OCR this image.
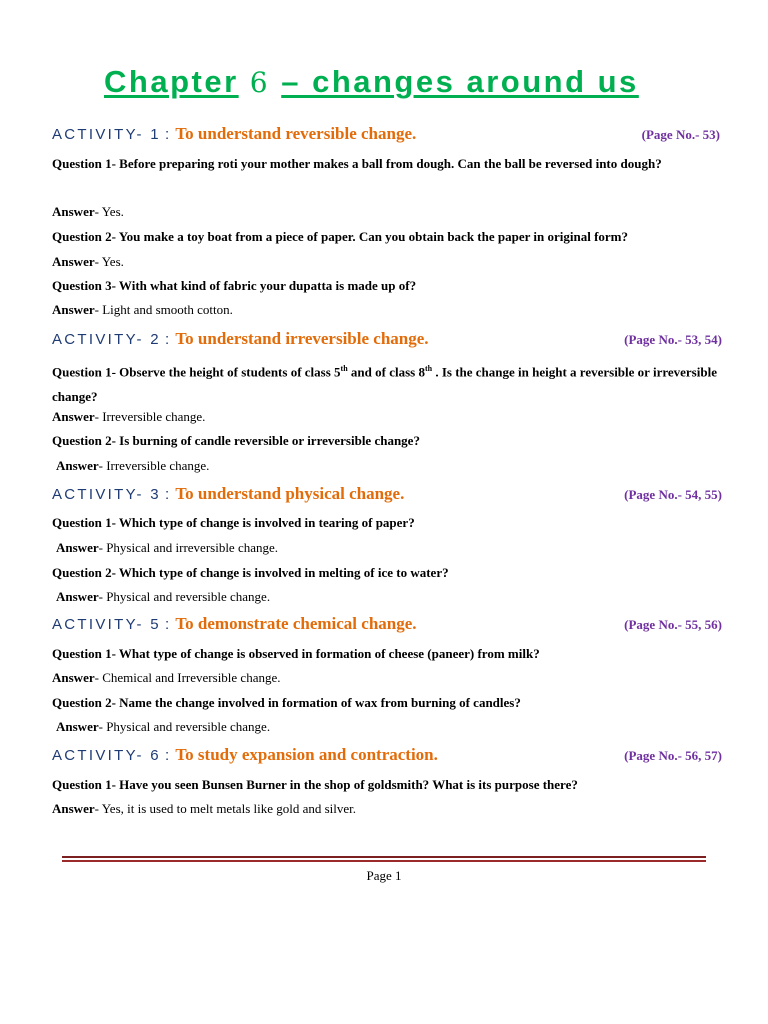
Chapter 6 – changes around us
ACTIVITY- 1 : To understand reversible change.	(Page No.- 53)

Question 1- Before preparing roti your mother makes a ball from dough. Can the ball be reversed into dough?

Answer- Yes.

Question 2- You make a toy boat from a piece of paper. Can you obtain back the paper in original form?

Answer- Yes.

Question 3- With what kind of fabric your dupatta is made up of?

Answer- Light and smooth cotton.

ACTIVITY- 2 : To understand irreversible change.	(Page No.- 53, 54)

Question 1- Observe the height of students of class 5th and of class 8th . Is the change in height a reversible or irreversible change?

Answer- Irreversible change.

Question 2- Is burning of candle reversible or irreversible change?

Answer- Irreversible change.

ACTIVITY- 3 : To understand physical change.	(Page No.- 54, 55)

Question 1- Which type of change is involved in tearing of paper?

Answer- Physical and irreversible change.

Question 2- Which type of change is involved in melting of ice to water?

Answer- Physical and reversible change.

ACTIVITY- 5 : To demonstrate chemical change.	(Page No.- 55, 56)

Question 1- What type of change is observed in formation of cheese (paneer) from milk?

Answer- Chemical and Irreversible change.

Question 2- Name the change involved in formation of wax from burning of candles?

Answer- Physical and reversible change.

ACTIVITY- 6 : To study expansion and contraction.	(Page No.- 56, 57)

Question 1- Have you seen Bunsen Burner in the shop of goldsmith? What is its purpose there?

Answer- Yes, it is used to melt metals like gold and silver.

Page 1
